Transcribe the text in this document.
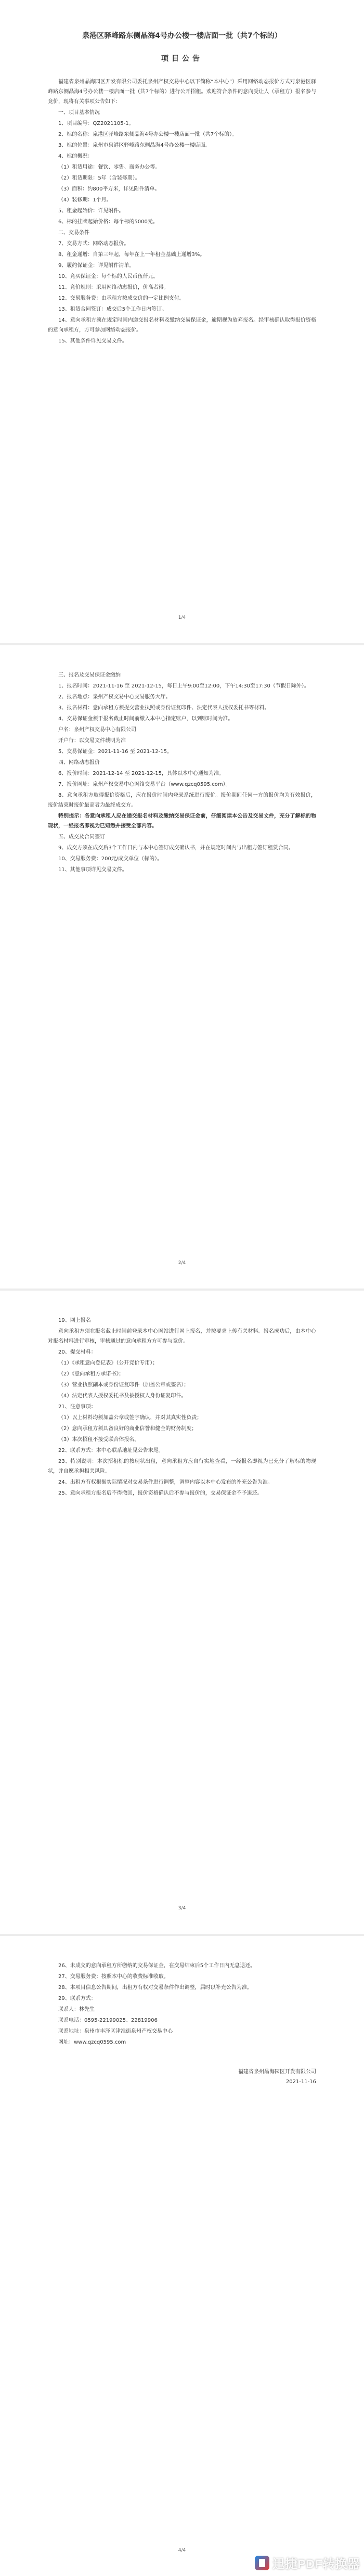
泉港区驿峰路东侧晶海4号办公楼一楼店面一批（共7个标的）
项目公告

福建省泉州晶海园区开发有限公司委托泉州产权交易中心以下简称“本中心”）采用网络动态报价方式对泉港区驿峰路东侧晶海4号办公楼一楼店面一批（共7个标的）进行公开招租。欢迎符合条件的意向受让人（承租方）报名参与竞价，现将有关事项公告如下：

一、项目基本情况

1、项目编号：QZ2021105-1。

2、标的名称：泉港区驿峰路东侧晶海4号办公楼一楼店面一批（共7个标的）。

3、标的位置：泉州市泉港区驿峰路东侧晶海4号办公楼一楼店面。

4、标的概况：

（1）租赁用途：餐饮、零售、商务办公等。

（2）租赁期限：5年（含装修期）。

（3）面积：约800平方米，详见附件清单。

（4）装修期：1个月。

5、租金起始价：详见附件。

6、标的挂牌起始价格：每个标的5000元。

二、交易条件

7、交易方式：网络动态报价。

8、租金递增：自第三年起，每年在上一年租金基础上递增3%。

9、履约保证金：详见附件清单。

10、竞买保证金：每个标的人民币伍仟元。

11、竞价规则：采用网络动态报价，价高者得。

12、交易服务费：由承租方按成交价的一定比例支付。

13、租赁合同签订：成交后5个工作日内签订。

14、意向承租方须在规定时间内递交报名材料及缴纳交易保证金，逾期视为放弃报名。经审核确认取得报价资格的意向承租方，方可参加网络动态报价。

15、其他条件详见交易文件。

1/4

三、报名及交易保证金缴纳

1、报名时间：2021-11-16 至 2021-12-15，每日上午9:00至12:00，下午14:30至17:30（节假日除外）。

2、报名地点：泉州产权交易中心交易服务大厅。

3、报名材料：意向承租方须提交营业执照或身份证复印件、法定代表人授权委托书等材料。

4、交易保证金须于报名截止时间前缴入本中心指定账户，以到账时间为准。

户名：泉州产权交易中心有限公司

开户行：以交易文件载明为准

5、交易保证金：2021-11-16 至 2021-12-15。

四、网络动态报价

6、报价时间：2021-12-14 至 2021-12-15，具体以本中心通知为准。

7、报价网址：泉州产权交易中心网络交易平台（www.qzcq0595.com）。

8、意向承租方取得报价资格后，应在报价时间内登录系统进行报价。报价期间任何一方的报价均为有效报价，报价结束时报价最高者为最终成交方。

特别提示：各意向承租人应在递交报名材料及缴纳交易保证金前，仔细阅读本公告及交易文件，充分了解标的物现状，一经报名即视为已知悉并接受全部内容。

五、成交及合同签订

9、成交方须在成交后3个工作日内与本中心签订成交确认书，并在规定时间内与出租方签订租赁合同。

10、交易服务费：200元/成交单位（标的）。

11、其他事项详见交易文件。

2/4

19、网上报名

意向承租方须在报名截止时间前登录本中心网站进行网上报名，并按要求上传有关材料。报名成功后，由本中心对报名材料进行审核，审核通过的意向承租方方可参与竞价。

20、提交材料：

（1）《承租意向登记表》（公开竞价专用）；

（2）《意向承租方承诺书》；

（3）营业执照副本或身份证复印件（加盖公章或签名）；

（4）法定代表人授权委托书及被授权人身份证复印件。

21、注意事项：

（1）以上材料均须加盖公章或签字确认，并对其真实性负责；

（2）意向承租方须具备良好的商业信誉和健全的财务制度；

（3）本次招租不接受联合体报名。

22、联系方式：本中心联系地址见公告末尾。

23、特别说明：本次招租标的按现状出租，意向承租方应自行实地查看，一经报名即视为已充分了解标的物现状，并自愿承担相关风险。

24、出租方有权根据实际情况对交易条件进行调整，调整内容以本中心发布的补充公告为准。

25、意向承租方报名后不得撤回，报价资格确认后不参与报价的，交易保证金不予退还。

3/4

26、未成交的意向承租方所缴纳的交易保证金，在交易结束后5个工作日内无息退还。

27、交易服务费：按照本中心的收费标准收取。

28、本项目信息公告期间，出租方有权对交易条件作出调整，届时以补充公告为准。

29、联系方式：

联系人：林先生

联系电话：0595-22199025、22819906

联系地址：泉州市丰泽区津淮街泉州产权交易中心

网址：www.qzcq0595.com

福建省泉州晶海园区开发有限公司

2021-11-16

4/4
迅捷PDF转换器
